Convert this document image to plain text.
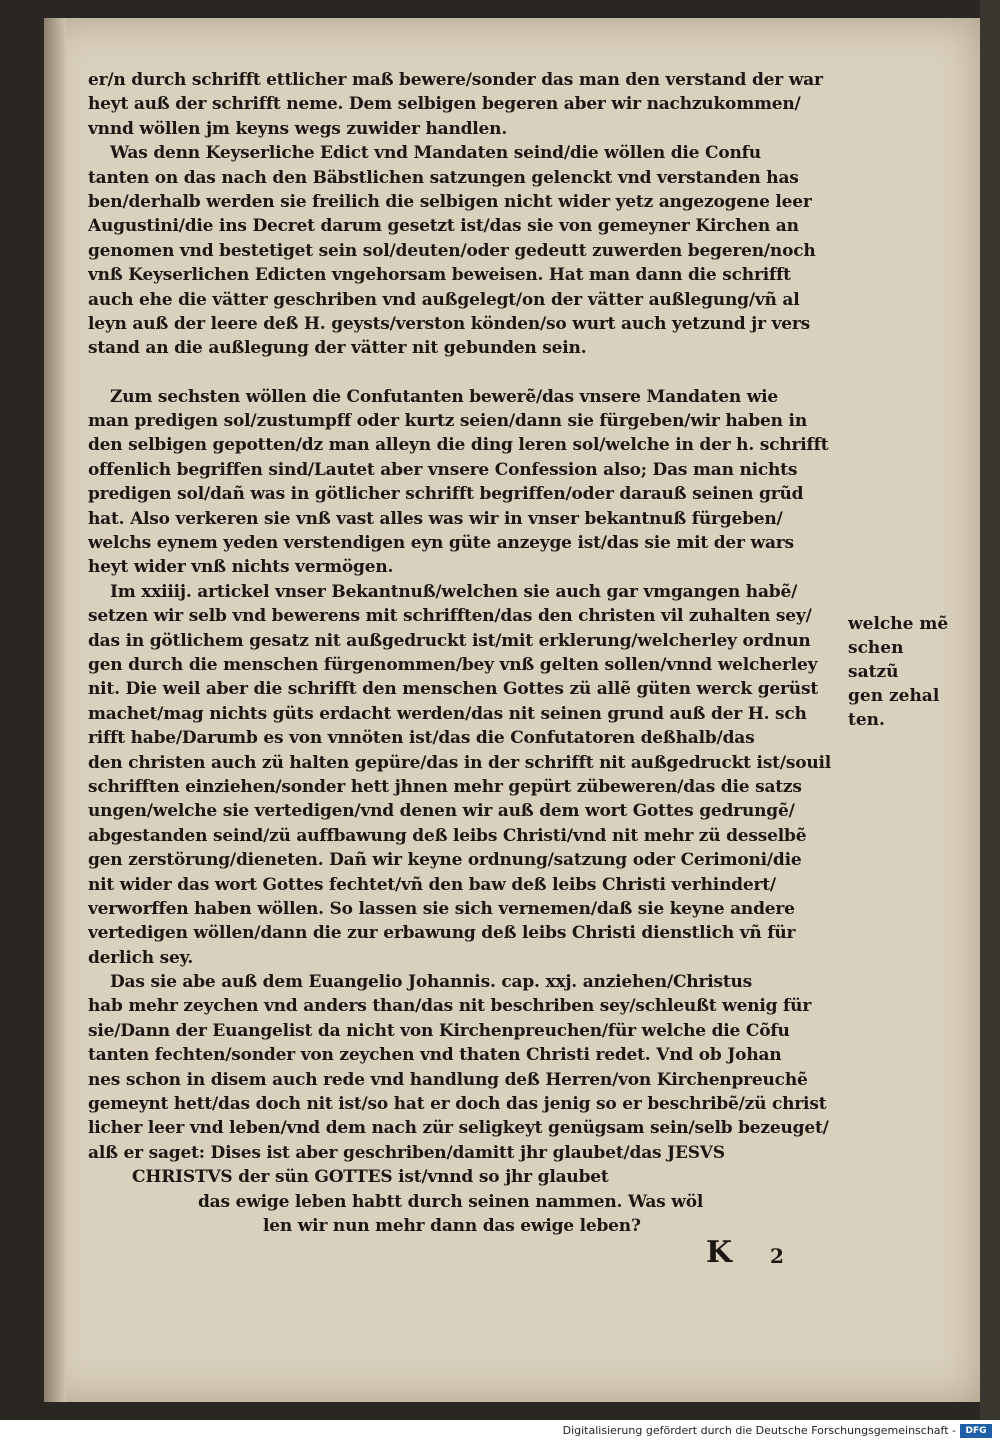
er/n durch schrifft ettlicher maß bewere/sonder das man den verstand der war
heyt auß der schrifft neme. Dem selbigen begeren aber wir nachzukommen/
vnnd wöllen jm keyns wegs zuwider handlen.
Was denn Keyserliche Edict vnd Mandaten seind/die wöllen die Confu
tanten on das nach den Bäbstlichen satzungen gelenckt vnd verstanden has
ben/derhalb werden sie freilich die selbigen nicht wider yetz angezogene leer
Augustini/die ins Decret darum gesetzt ist/das sie von gemeyner Kirchen an
genomen vnd bestetiget sein sol/deuten/oder gedeutt zuwerden begeren/noch
vnß Keyserlichen Edicten vngehorsam beweisen. Hat man dann die schrifft
auch ehe die vätter geschriben vnd außgelegt/on der vätter außlegung/vñ al
leyn auß der leere deß H. geysts/verston könden/so wurt auch yetzund jr vers
stand an die außlegung der vätter nit gebunden sein.
Zum sechsten wöllen die Confutanten bewerẽ/das vnsere Mandaten wie
man predigen sol/zustumpff oder kurtz seien/dann sie fürgeben/wir haben in
den selbigen gepotten/dz man alleyn die ding leren sol/welche in der h. schrifft
offenlich begriffen sind/Lautet aber vnsere Confession also; Das man nichts
predigen sol/dañ was in götlicher schrifft begriffen/oder darauß seinen grũd
hat. Also verkeren sie vnß vast alles was wir in vnser bekantnuß fürgeben/
welchs eynem yeden verstendigen eyn güte anzeyge ist/das sie mit der wars
heyt wider vnß nichts vermögen.
Im xxiiij. artickel vnser Bekantnuß/welchen sie auch gar vmgangen habẽ/
setzen wir selb vnd bewerens mit schrifften/das den christen vil zuhalten sey/
das in götlichem gesatz nit außgedruckt ist/mit erklerung/welcherley ordnun
gen durch die menschen fürgenommen/bey vnß gelten sollen/vnnd welcherley
nit. Die weil aber die schrifft den menschen Gottes zü allẽ güten werck gerüst
machet/mag nichts güts erdacht werden/das nit seinen grund auß der H. sch
rifft habe/Darumb es von vnnöten ist/das die Confutatoren deßhalb/das
den christen auch zü halten gepüre/das in der schrifft nit außgedruckt ist/souil
schrifften einziehen/sonder hett jhnen mehr gepürt zübeweren/das die satzs
ungen/welche sie vertedigen/vnd denen wir auß dem wort Gottes gedrungẽ/
abgestanden seind/zü auffbawung deß leibs Christi/vnd nit mehr zü desselbẽ
gen zerstörung/dieneten. Dañ wir keyne ordnung/satzung oder Cerimoni/die
nit wider das wort Gottes fechtet/vñ den baw deß leibs Christi verhindert/
verworffen haben wöllen. So lassen sie sich vernemen/daß sie keyne andere
vertedigen wöllen/dann die zur erbawung deß leibs Christi dienstlich vñ für
derlich sey.
Das sie abe auß dem Euangelio Johannis. cap. xxj. anziehen/Christus
hab mehr zeychen vnd anders than/das nit beschriben sey/schleußt wenig für
sie/Dann der Euangelist da nicht von Kirchenpreuchen/für welche die Cõfu
tanten fechten/sonder von zeychen vnd thaten Christi redet. Vnd ob Johan
nes schon in disem auch rede vnd handlung deß Herren/von Kirchenpreuchẽ
gemeynt hett/das doch nit ist/so hat er doch das jenig so er beschribẽ/zü christ
licher leer vnd leben/vnd dem nach zür seligkeyt genügsam sein/selb bezeuget/
alß er saget: Dises ist aber geschriben/damitt jhr glaubet/das JESVS
CHRISTVS der sün GOTTES ist/vnnd so jhr glaubet
das ewige leben habtt durch seinen nammen. Was wöl
len wir nun mehr dann das ewige leben?
welche mẽ
schen satzũ
gen zehal
ten.
K 2
Digitalisierung gefördert durch die Deutsche Forschungsgemeinschaft -	DFG
